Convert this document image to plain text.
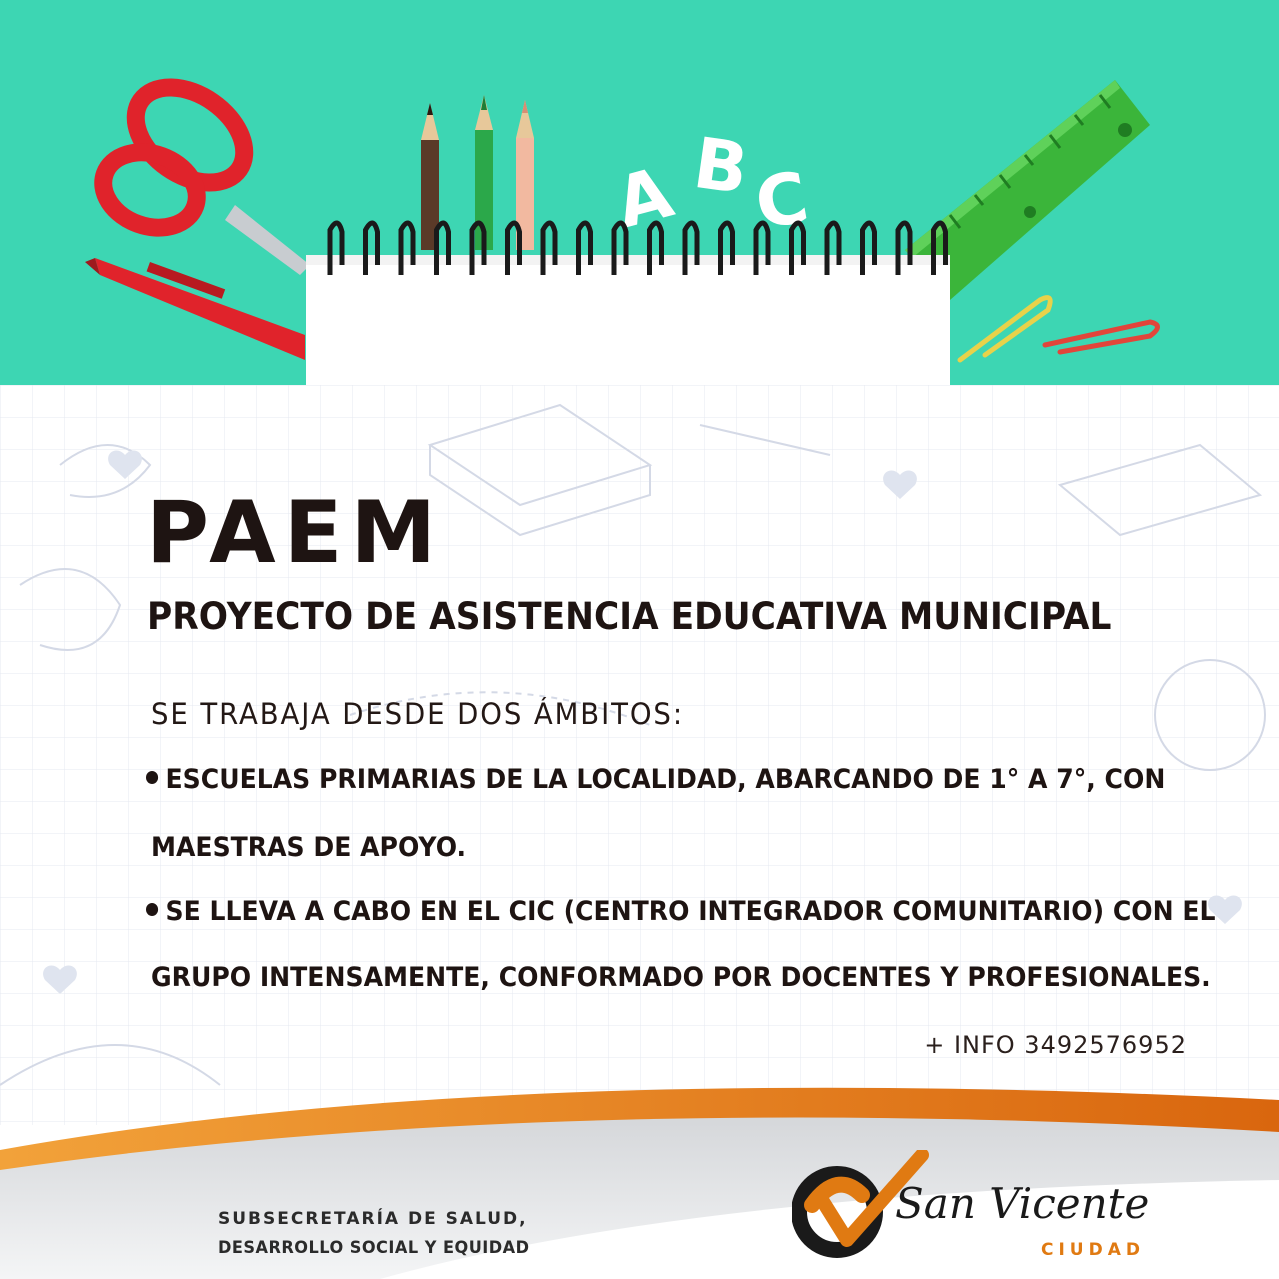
A B
C
PAEM
PROYECTO DE ASISTENCIA EDUCATIVA MUNICIPAL
SE TRABAJA DESDE DOS ÁMBITOS:
ESCUELAS PRIMARIAS DE LA LOCALIDAD, ABARCANDO DE 1° A 7°, CON
MAESTRAS DE APOYO.
SE LLEVA A CABO EN EL CIC (CENTRO INTEGRADOR COMUNITARIO) CON EL
GRUPO INTENSAMENTE, CONFORMADO POR DOCENTES Y PROFESIONALES.
+ INFO 3492576952
SUBSECRETARÍA DE SALUD,
DESARROLLO SOCIAL Y EQUIDAD
San Vicente
CIUDAD
